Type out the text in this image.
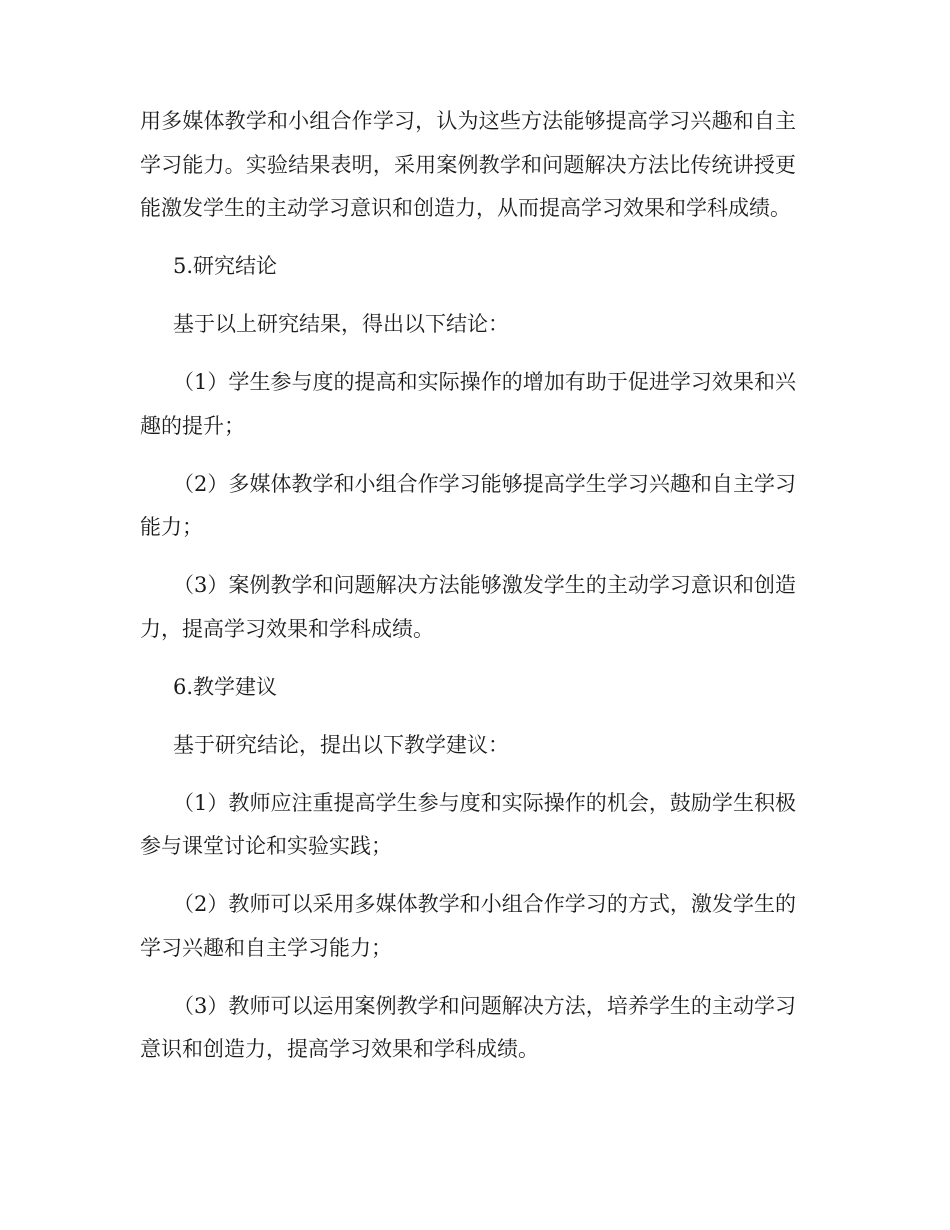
用多媒体教学和小组合作学习，认为这些方法能够提高学习兴趣和自主学习能力。实验结果表明，采用案例教学和问题解决方法比传统讲授更能激发学生的主动学习意识和创造力，从而提高学习效果和学科成绩。

5.研究结论

基于以上研究结果，得出以下结论：

（1）学生参与度的提高和实际操作的增加有助于促进学习效果和兴趣的提升；

（2）多媒体教学和小组合作学习能够提高学生学习兴趣和自主学习能力；

（3）案例教学和问题解决方法能够激发学生的主动学习意识和创造力，提高学习效果和学科成绩。

6.教学建议

基于研究结论，提出以下教学建议：

（1）教师应注重提高学生参与度和实际操作的机会，鼓励学生积极参与课堂讨论和实验实践；

（2）教师可以采用多媒体教学和小组合作学习的方式，激发学生的学习兴趣和自主学习能力；

（3）教师可以运用案例教学和问题解决方法，培养学生的主动学习意识和创造力，提高学习效果和学科成绩。
